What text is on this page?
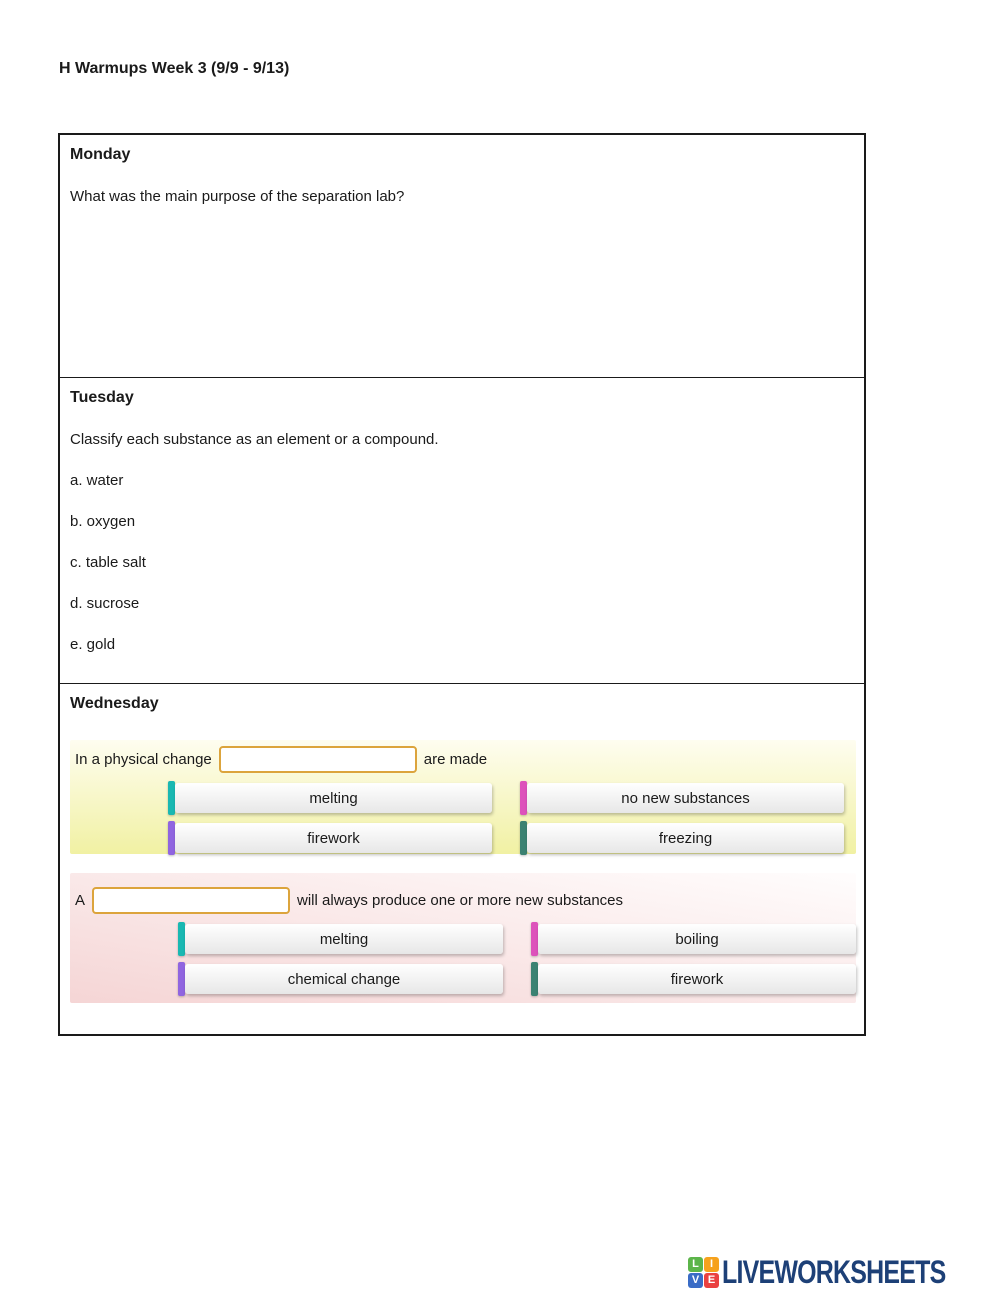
H Warmups Week 3 (9/9 - 9/13)
Monday

What was the main purpose of the separation lab?

Tuesday

Classify each substance as an element or a compound.

a. water

b. oxygen

c. table salt

d. sucrose

e. gold

Wednesday
In a physical change	are made
melting	no new substances
firework	freezing
A	will always produce one or more new substances
melting	boiling
chemical change	firework
L	I
V E LIVEWORKSHEETS
